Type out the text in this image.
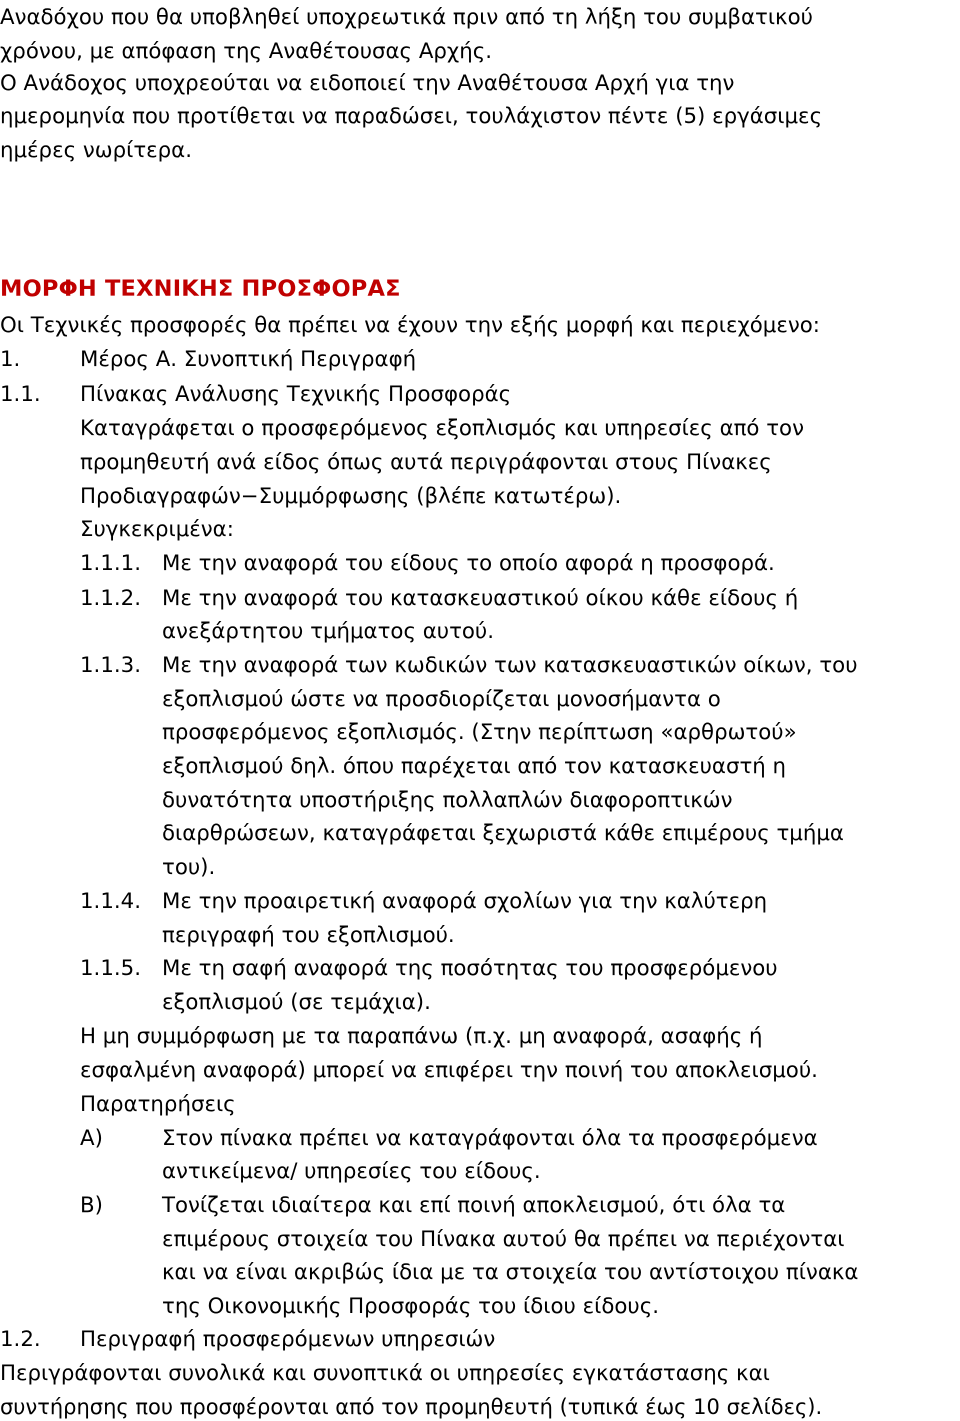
Αναδόχου που θα υποβληθεί υποχρεωτικά πριν από τη λήξη του συμβατικού
χρόνου, με απόφαση της Αναθέτουσας Αρχής.
Ο Ανάδοχος υποχρεούται να ειδοποιεί την Αναθέτουσα Αρχή για την
ημερομηνία που προτίθεται να παραδώσει, τουλάχιστον πέντε (5) εργάσιμες
ημέρες νωρίτερα.
ΜΟΡΦΗ ΤΕΧΝΙΚΗΣ ΠΡΟΣΦΟΡΑΣ
Οι Τεχνικές προσφορές θα πρέπει να έχουν την εξής μορφή και περιεχόμενο:
1.	Μέρος Α. Συνοπτική Περιγραφή
1.1. Πίνακας Ανάλυσης Τεχνικής Προσφοράς
Καταγράφεται ο προσφερόμενος εξοπλισμός και υπηρεσίες από τον
προμηθευτή ανά είδος όπως αυτά περιγράφονται στους Πίνακες
Προδιαγραφών−Συμμόρφωσης (βλέπε κατωτέρω).
Συγκεκριμένα:
1.1.1. Με την αναφορά του είδους το οποίο αφορά η προσφορά.
1.1.2. Με την αναφορά του κατασκευαστικού οίκου κάθε είδους ή
ανεξάρτητου τμήματος αυτού.
1.1.3. Με την αναφορά των κωδικών των κατασκευαστικών οίκων, του
εξοπλισμού ώστε να προσδιορίζεται μονοσήμαντα ο
προσφερόμενος εξοπλισμός. (Στην περίπτωση «αρθρωτού»
εξοπλισμού δηλ. όπου παρέχεται από τον κατασκευαστή η
δυνατότητα υποστήριξης πολλαπλών διαφοροπτικών
διαρθρώσεων, καταγράφεται ξεχωριστά κάθε επιμέρους τμήμα
του).
1.1.4. Με την προαιρετική αναφορά σχολίων για την καλύτερη
περιγραφή του εξοπλισμού.
1.1.5. Με τη σαφή αναφορά της ποσότητας του προσφερόμενου
εξοπλισμού (σε τεμάχια).
Η μη συμμόρφωση με τα παραπάνω (π.χ. μη αναφορά, ασαφής ή
εσφαλμένη αναφορά) μπορεί να επιφέρει την ποινή του αποκλεισμού.
Παρατηρήσεις
Α)	Στον πίνακα πρέπει να καταγράφονται όλα τα προσφερόμενα
αντικείμενα/ υπηρεσίες του είδους.
Β)	Τονίζεται ιδιαίτερα και επί ποινή αποκλεισμού, ότι όλα τα
επιμέρους στοιχεία του Πίνακα αυτού θα πρέπει να περιέχονται
και να είναι ακριβώς ίδια με τα στοιχεία του αντίστοιχου πίνακα
της Οικονομικής Προσφοράς του ίδιου είδους.
1.2. Περιγραφή προσφερόμενων υπηρεσιών
Περιγράφονται συνολικά και συνοπτικά οι υπηρεσίες εγκατάστασης και
συντήρησης που προσφέρονται από τον προμηθευτή (τυπικά έως 10 σελίδες).
